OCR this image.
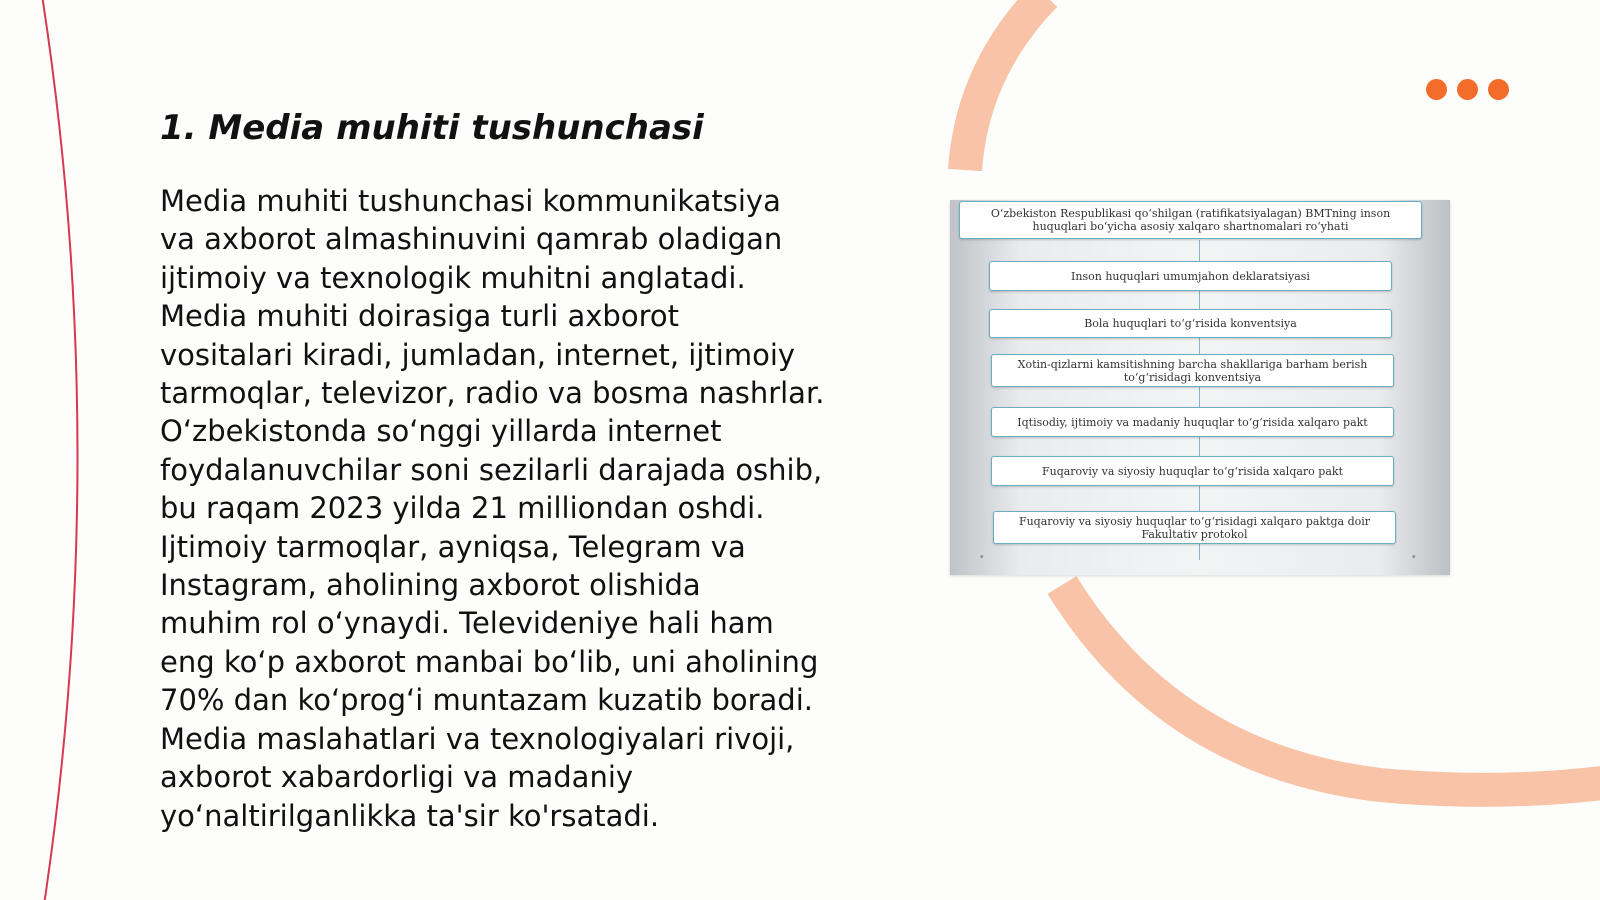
1. Media muhiti tushunchasi
Media muhiti tushunchasi kommunikatsiya
va axborot almashinuvini qamrab oladigan
ijtimoiy va texnologik muhitni anglatadi.
Media muhiti doirasiga turli axborot
vositalari kiradi, jumladan, internet, ijtimoiy
tarmoqlar, televizor, radio va bosma nashrlar.
O‘zbekistonda so‘nggi yillarda internet
foydalanuvchilar soni sezilarli darajada oshib,
bu raqam 2023 yilda 21 milliondan oshdi.
Ijtimoiy tarmoqlar, ayniqsa, Telegram va
Instagram, aholining axborot olishida
muhim rol o‘ynaydi. Televideniye hali ham
eng ko‘p axborot manbai bo‘lib, uni aholining
70% dan ko‘prog‘i muntazam kuzatib boradi.
Media maslahatlari va texnologiyalari rivoji,
axborot xabardorligi va madaniy
yo‘naltirilganlikka ta'sir ko'rsatadi.
O‘zbekiston Respublikasi qo‘shilgan (ratifikatsiyalagan) BMTning inson huquqlari bo‘yicha asosiy xalqaro shartnomalari ro‘yhati
Inson huquqlari umumjahon deklaratsiyasi
Bola huquqlari to‘g‘risida konventsiya
Xotin-qizlarni kamsitishning barcha shakllariga barham berish to‘g‘risidagi konventsiya
Iqtisodiy, ijtimoiy va madaniy huquqlar to‘g‘risida xalqaro pakt
Fuqaroviy va siyosiy huquqlar to‘g‘risida xalqaro pakt
Fuqaroviy va siyosiy huquqlar to‘g‘risidagi xalqaro paktga doir Fakultativ protokol
▾	▾
